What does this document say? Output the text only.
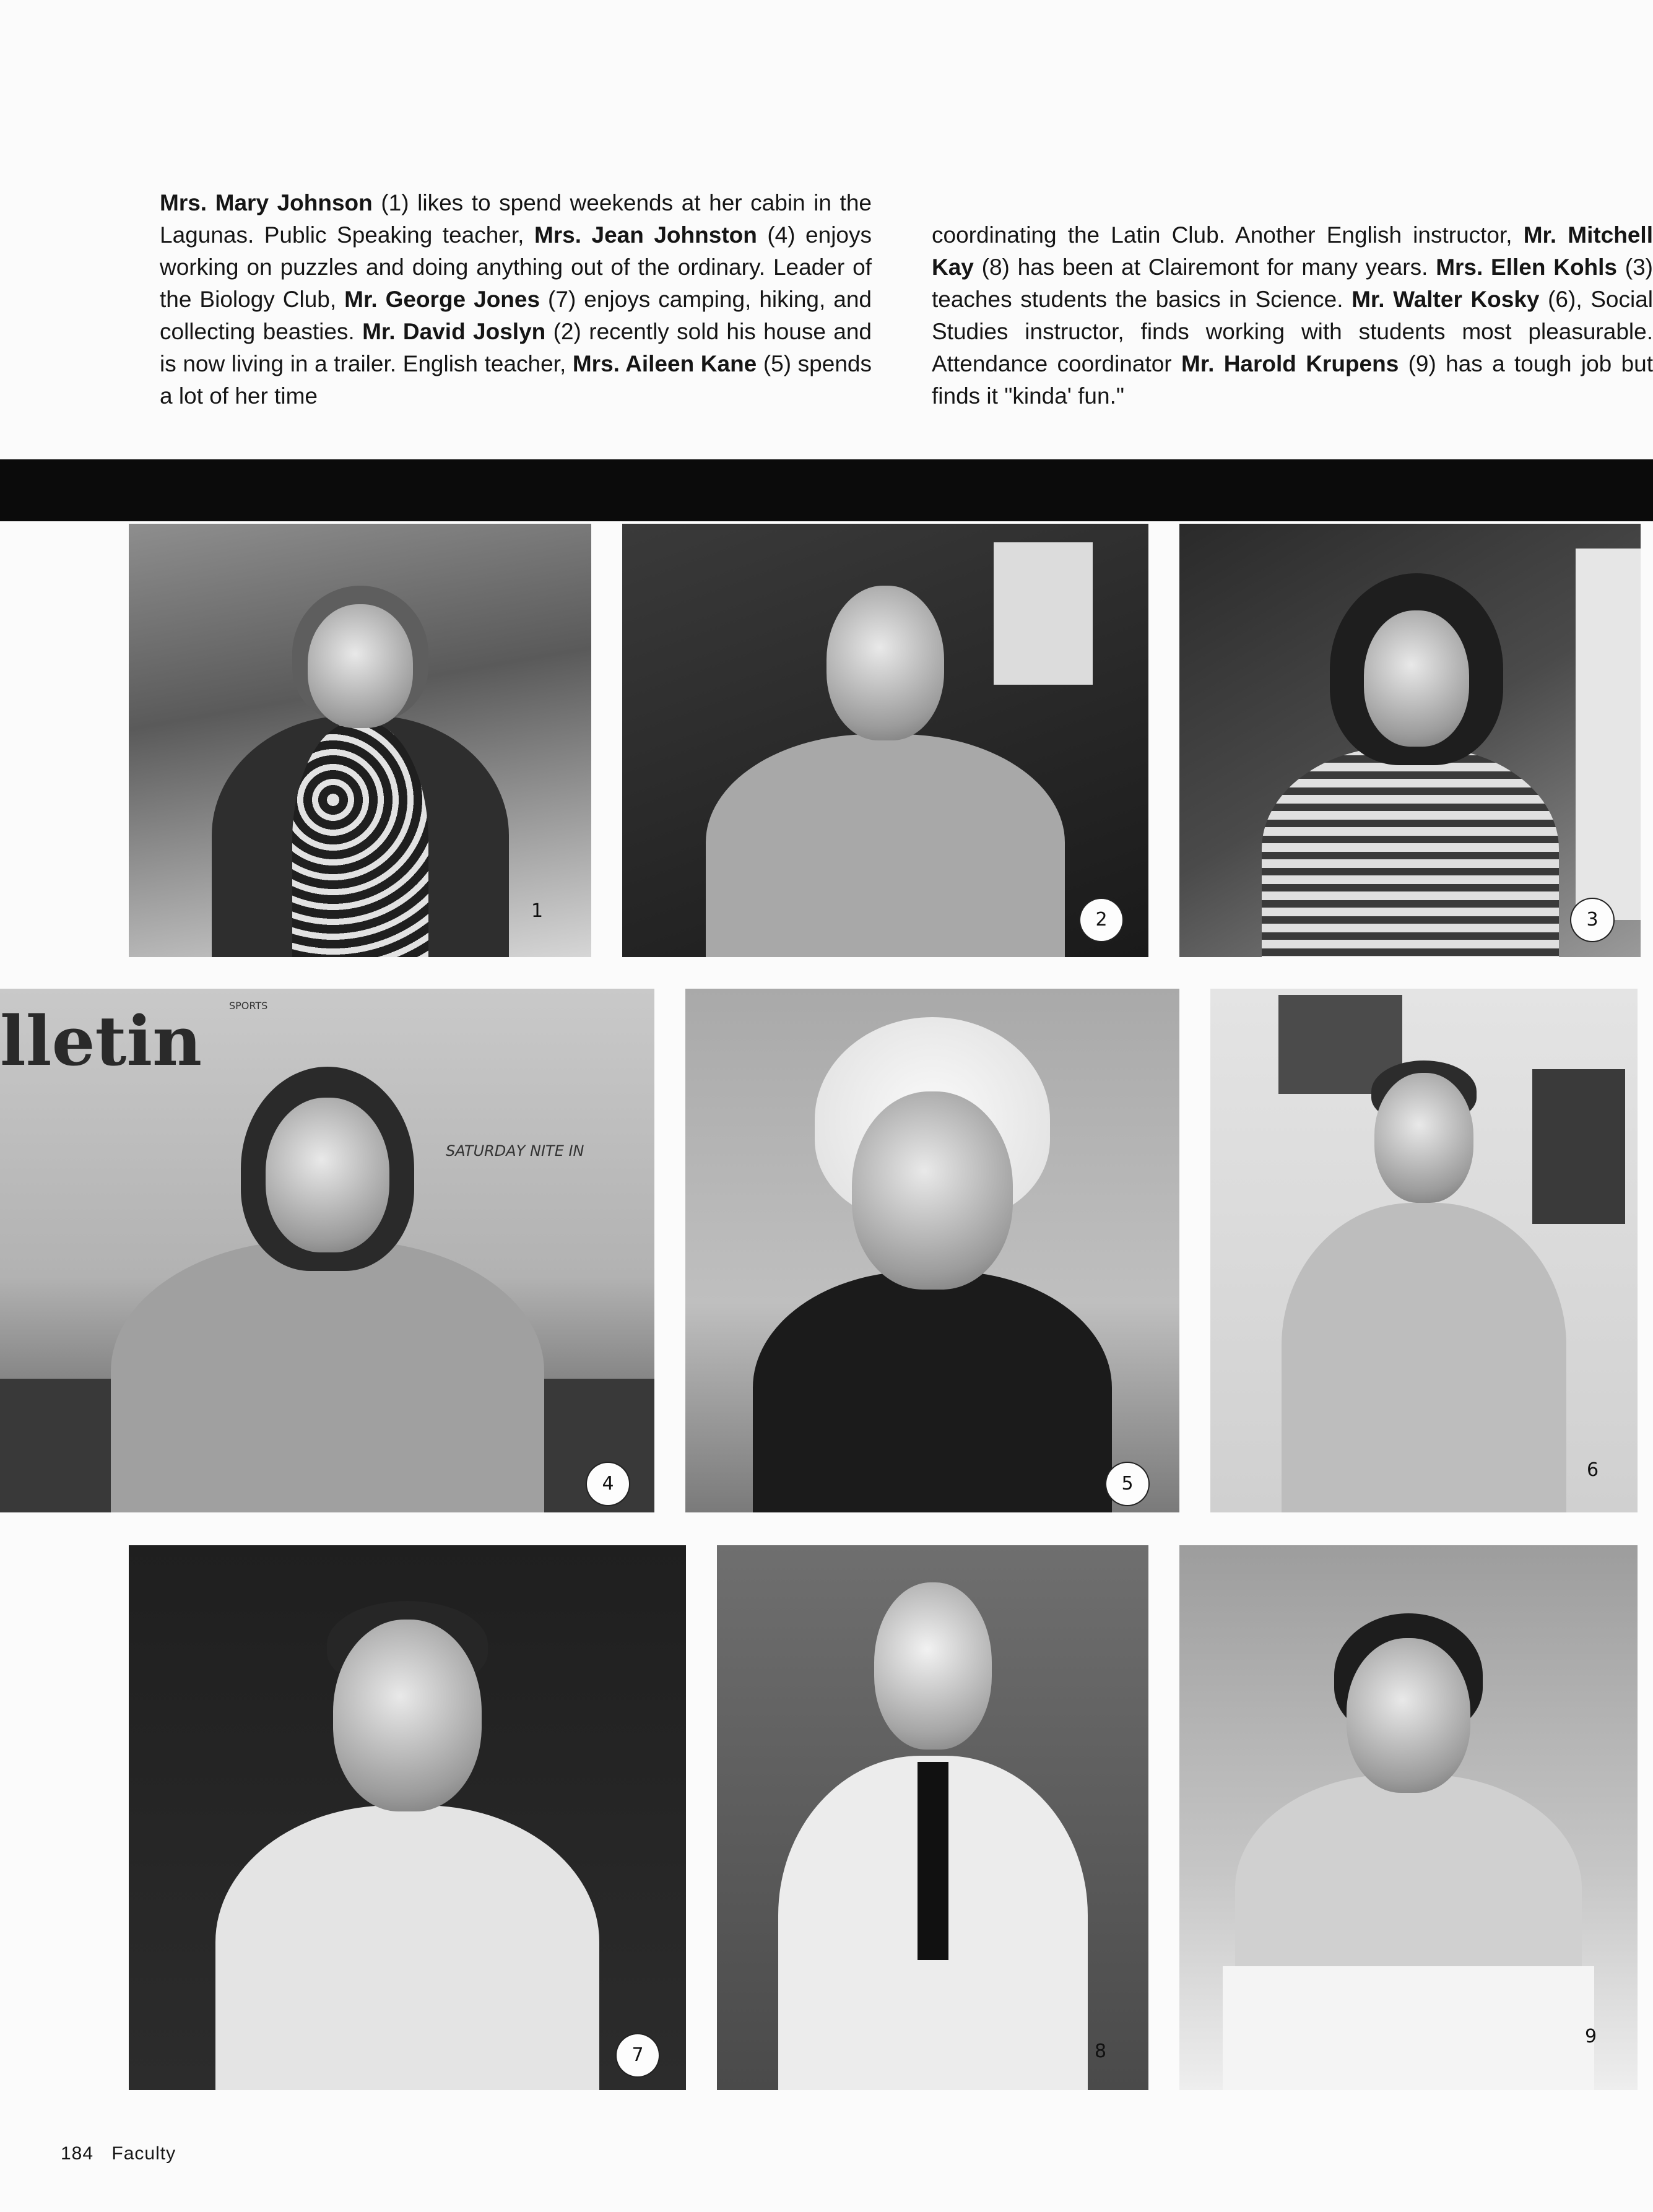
Mrs. Mary Johnson (1) likes to spend weekends at her cabin in the Lagunas. Public Speaking teacher, Mrs. Jean Johnston (4) enjoys working on puzzles and doing anything out of the ordinary. Leader of the Biology Club, Mr. George Jones (7) enjoys camping, hiking, and collecting beasties. Mr. David Joslyn (2) recently sold his house and is now living in a trailer. English teacher, Mrs. Aileen Kane (5) spends a lot of her time

coordinating the Latin Club. Another English instructor, Mr. Mitchell Kay (8) has been at Clairemont for many years. Mrs. Ellen Kohls (3) teaches students the basics in Science. Mr. Walter Kosky (6), Social Studies instructor, finds working with students most pleasurable. Attendance coordinator Mr. Harold Krupens (9) has a tough job but finds it "kinda' fun."

1	2	3
lletin	SPORTS
SATURDAY NITE IN
4	5
6
7	8
9
184 Faculty
